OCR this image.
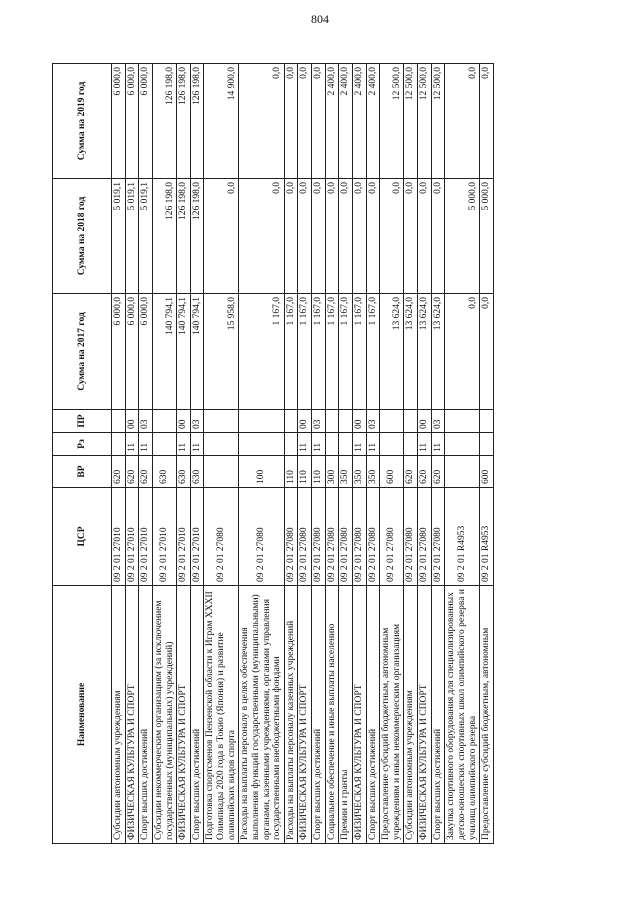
804
Наименование	ЦСР	ВР	Рз	ПР	Сумма на 2017 год	Сумма на 2018 год	Сумма на 2019 год
Субсидии автономным учреждениям	09 2 01 27010	620			6 000,0	5 019,1	6 000,0
ФИЗИЧЕСКАЯ КУЛЬТУРА И СПОРТ	09 2 01 27010	620	11	00	6 000,0	5 019,1	6 000,0
Спорт высших достижений	09 2 01 27010	620	11	03	6 000,0	5 019,1	6 000,0
Субсидии некоммерческим организациям (за исключением государственных (муниципальных) учреждений)	09 2 01 27010	630			140 794,1	126 198,0	126 198,0
ФИЗИЧЕСКАЯ КУЛЬТУРА И СПОРТ	09 2 01 27010	630	11	00	140 794,1	126 198,0	126 198,0
Спорт высших достижений	09 2 01 27010	630	11	03	140 794,1	126 198,0	126 198,0
Подготовка спортсменов Пензенской области к Играм XXXII Олимпиады 2020 года в Токио (Япония) и развитие олимпийских видов спорта	09 2 01 27080				15 958,0	0,0	14 900,0
Расходы на выплаты персоналу в целях обеспечения выполнения функций государственными (муниципальными) органами, казенными учреждениями, органами управления государственными внебюджетными фондами	09 2 01 27080	100			1 167,0	0,0	0,0
Расходы на выплаты персоналу казенных учреждений	09 2 01 27080	110			1 167,0	0,0	0,0
ФИЗИЧЕСКАЯ КУЛЬТУРА И СПОРТ	09 2 01 27080	110	11	00	1 167,0	0,0	0,0
Спорт высших достижений	09 2 01 27080	110	11	03	1 167,0	0,0	0,0
Социальное обеспечение и иные выплаты населению	09 2 01 27080	300			1 167,0	0,0	2 400,0
Премии и гранты	09 2 01 27080	350			1 167,0	0,0	2 400,0
ФИЗИЧЕСКАЯ КУЛЬТУРА И СПОРТ	09 2 01 27080	350	11	00	1 167,0	0,0	2 400,0
Спорт высших достижений	09 2 01 27080	350	11	03	1 167,0	0,0	2 400,0
Предоставление субсидий бюджетным, автономным учреждениям и иным некоммерческим организациям	09 2 01 27080	600			13 624,0	0,0	12 500,0
Субсидии автономным учреждениям	09 2 01 27080	620			13 624,0	0,0	12 500,0
ФИЗИЧЕСКАЯ КУЛЬТУРА И СПОРТ	09 2 01 27080	620	11	00	13 624,0	0,0	12 500,0
Спорт высших достижений	09 2 01 27080	620	11	03	13 624,0	0,0	12 500,0
Закупка спортивного оборудования для специализированных детско-юношеских спортивных школ олимпийского резерва и училищ олимпийского резерва	09 2 01 R4953				0,0	5 000,0	0,0
Предоставление субсидий бюджетным, автономным	09 2 01 R4953	600			0,0	5 000,0	0,0
